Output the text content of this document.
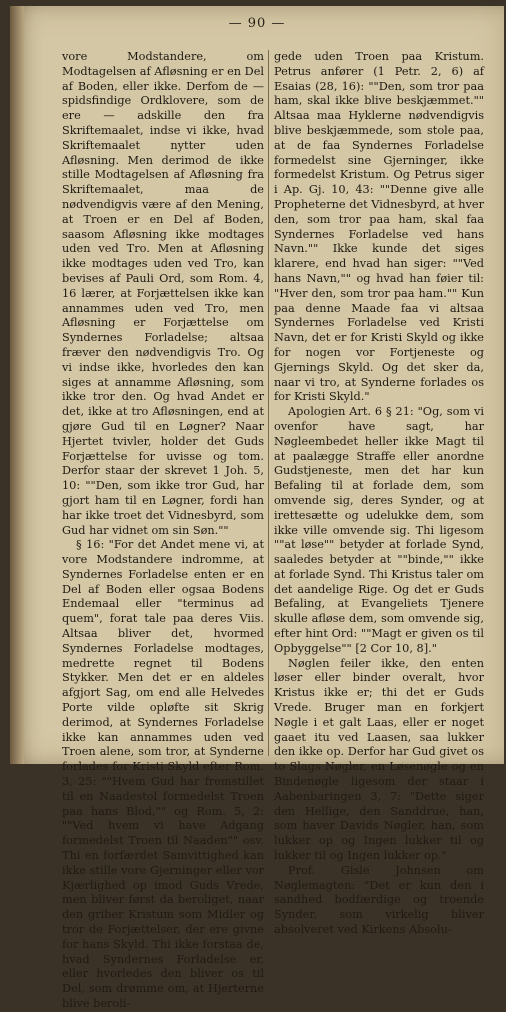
— 90 —

vore Modstandere, om Modtagelsen af Afløsning er en Del af Boden, eller ikke. Derfom de — spidsfindige Ordklovere, som de ere — adskille den fra Skriftemaalet, indse vi ikke, hvad Skriftemaalet nytter uden Afløsning. Men derimod de ikke stille Modtagelsen af Afløsning fra Skriftemaalet, maa de nødvendigvis være af den Mening, at Troen er en Del af Boden, saasom Afløsning ikke modtages uden ved Tro. Men at Afløsning ikke modtages uden ved Tro, kan bevises af Pauli Ord, som Rom. 4, 16 lærer, at Forjættelsen ikke kan annammes uden ved Tro, men Afløsning er Forjættelse om Syndernes Forladelse; altsaa fræver den nødvendigvis Tro. Og vi indse ikke, hvorledes den kan siges at annamme Afløsning, som ikke tror den. Og hvad Andet er det, ikke at tro Afløsningen, end at gjøre Gud til en Løgner? Naar Hjertet tvivler, holder det Guds Forjættelse for uvisse og tom. Derfor staar der skrevet 1 Joh. 5, 10: ""Den, som ikke tror Gud, har gjort ham til en Løgner, fordi han har ikke troet det Vidnesbyrd, som Gud har vidnet om sin Søn.""

§ 16: "For det Andet mene vi, at vore Modstandere indromme, at Syndernes Forladelse enten er en Del af Boden eller ogsaa Bodens Endemaal eller "terminus ad quem", forat tale paa deres Viis. Altsaa bliver det, hvormed Syndernes Forladelse modtages, medrette regnet til Bodens Stykker. Men det er en aldeles afgjort Sag, om end alle Helvedes Porte vilde opløfte sit Skrig derimod, at Syndernes Forladelse ikke kan annammes uden ved Troen alene, som tror, at Synderne forlades for Kristi Skyld efter Rom. 3, 25: ""Hvem Gud har fremstillet til en Naadestol formedelst Troen paa hans Blod,"" og Rom. 5, 2: ""Ved hvem vi have Adgang formedelst Troen til Naaden"" osv. Thi en forfærdet Samvittighed kan ikke stille vore Gjerninger eller vor Kjærlighed op imod Guds Vrede, men bliver først da beroliget, naar den griber Kristum som Midler og tror de Forjættelser, der ere givne for hans Skyld. Thi ikke forstaa de, hvad Syndernes Forladelse er, eller hvorledes den bliver os til Del, som drømme om, at Hjerterne blive beroli-

gede uden Troen paa Kristum. Petrus anfører (1 Petr. 2, 6) af Esaias (28, 16): ""Den, som tror paa ham, skal ikke blive beskjæmmet."" Altsaa maa Hyklerne nødvendigvis blive beskjæmmede, som stole paa, at de faa Syndernes Forladelse formedelst sine Gjerninger, ikke formedelst Kristum. Og Petrus siger i Ap. Gj. 10, 43: ""Denne give alle Propheterne det Vidnesbyrd, at hver den, som tror paa ham, skal faa Syndernes Forladelse ved hans Navn."" Ikke kunde det siges klarere, end hvad han siger: ""Ved hans Navn,"" og hvad han føier til: "Hver den, som tror paa ham."" Kun paa denne Maade faa vi altsaa Syndernes Forladelse ved Kristi Navn, det er for Kristi Skyld og ikke for nogen vor Fortjeneste og Gjernings Skyld. Og det sker da, naar vi tro, at Synderne forlades os for Kristi Skyld."

Apologien Art. 6 § 21: "Og, som vi ovenfor have sagt, har Nøgleembedet heller ikke Magt til at paalægge Straffe eller anordne Gudstjeneste, men det har kun Befaling til at forlade dem, som omvende sig, deres Synder, og at irettesætte og udelukke dem, som ikke ville omvende sig. Thi ligesom ""at løse"" betyder at forlade Synd, saaledes betyder at ""binde,"" ikke at forlade Synd. Thi Kristus taler om det aandelige Rige. Og det er Guds Befaling, at Evangeliets Tjenere skulle afløse dem, som omvende sig, efter hint Ord: ""Magt er given os til Opbyggelse"" [2 Cor 10, 8]."

Nøglen feiler ikke, den enten løser eller binder overalt, hvor Kristus ikke er; thi det er Guds Vrede. Bruger man en forkjert Nøgle i et galt Laas, eller er noget gaaet itu ved Laasen, saa lukker den ikke op. Derfor har Gud givet os to Slags Nøgler, en Løsenøgle og en Bindenøgle ligesom der staar i Aabenbaringen 3, 7: "Dette siger den Hellige, den Sanddrue, han, som haver Davids Nøgler, han, som lukker op og Ingen lukker til og lukker til og Ingen lukker op."

Prof. Gisle Johnsen om Nøglemagten: "Det er kun den i sandhed bodfærdige og troende Synder, som virkelig bliver absolveret ved Kirkens Absolu-
